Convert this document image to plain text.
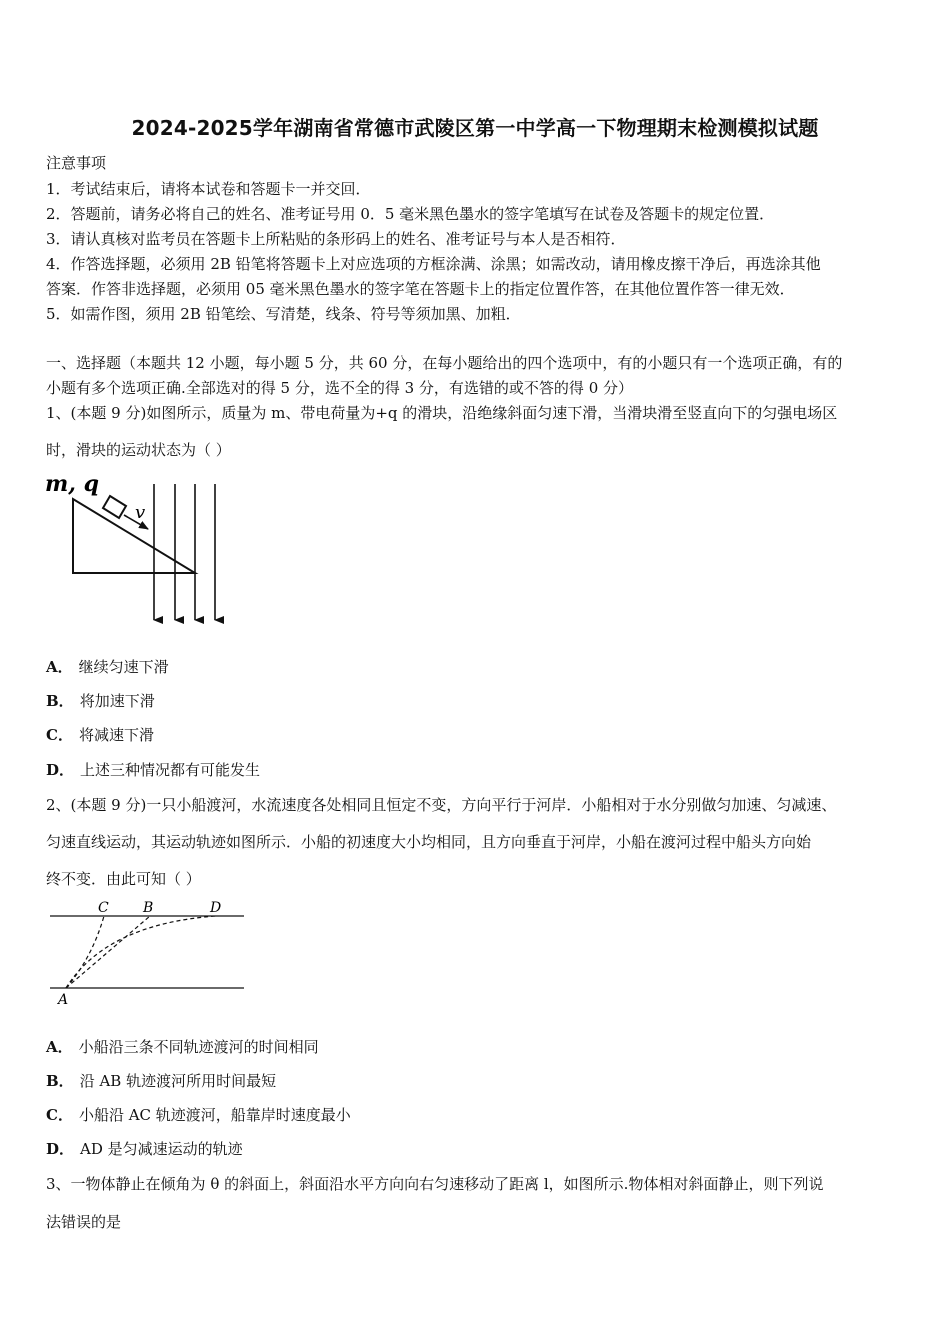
2024-2025学年湖南省常德市武陵区第一中学高一下物理期末检测模拟试题
注意事项
1．考试结束后，请将本试卷和答题卡一并交回．
2．答题前，请务必将自己的姓名、准考证号用 0．5 毫米黑色墨水的签字笔填写在试卷及答题卡的规定位置．
3．请认真核对监考员在答题卡上所粘贴的条形码上的姓名、准考证号与本人是否相符．
4．作答选择题，必须用 2B 铅笔将答题卡上对应选项的方框涂满、涂黑；如需改动，请用橡皮擦干净后，再选涂其他
答案．作答非选择题，必须用 05 毫米黑色墨水的签字笔在答题卡上的指定位置作答，在其他位置作答一律无效．
5．如需作图，须用 2B 铅笔绘、写清楚，线条、符号等须加黑、加粗．
一、选择题（本题共 12 小题，每小题 5 分，共 60 分，在每小题给出的四个选项中，有的小题只有一个选项正确，有的
小题有多个选项正确.全部选对的得 5 分，选不全的得 3 分，有选错的或不答的得 0 分）
1、(本题 9 分)如图所示，质量为 m、带电荷量为+q 的滑块，沿绝缘斜面匀速下滑，当滑块滑至竖直向下的匀强电场区
时，滑块的运动状态为（ ）
m, q
v
A． 继续匀速下滑
B． 将加速下滑
C． 将减速下滑
D． 上述三种情况都有可能发生
2、(本题 9 分)一只小船渡河，水流速度各处相同且恒定不变，方向平行于河岸．小船相对于水分别做匀加速、匀减速、
匀速直线运动，其运动轨迹如图所示．小船的初速度大小均相同，且方向垂直于河岸，小船在渡河过程中船头方向始
终不变．由此可知（ ）
A
C B	D
A． 小船沿三条不同轨迹渡河的时间相同
B． 沿 AB 轨迹渡河所用时间最短
C． 小船沿 AC 轨迹渡河，船靠岸时速度最小
D． AD 是匀减速运动的轨迹
3、一物体静止在倾角为 θ 的斜面上，斜面沿水平方向向右匀速移动了距离 l，如图所示.物体相对斜面静止，则下列说
法错误的是
